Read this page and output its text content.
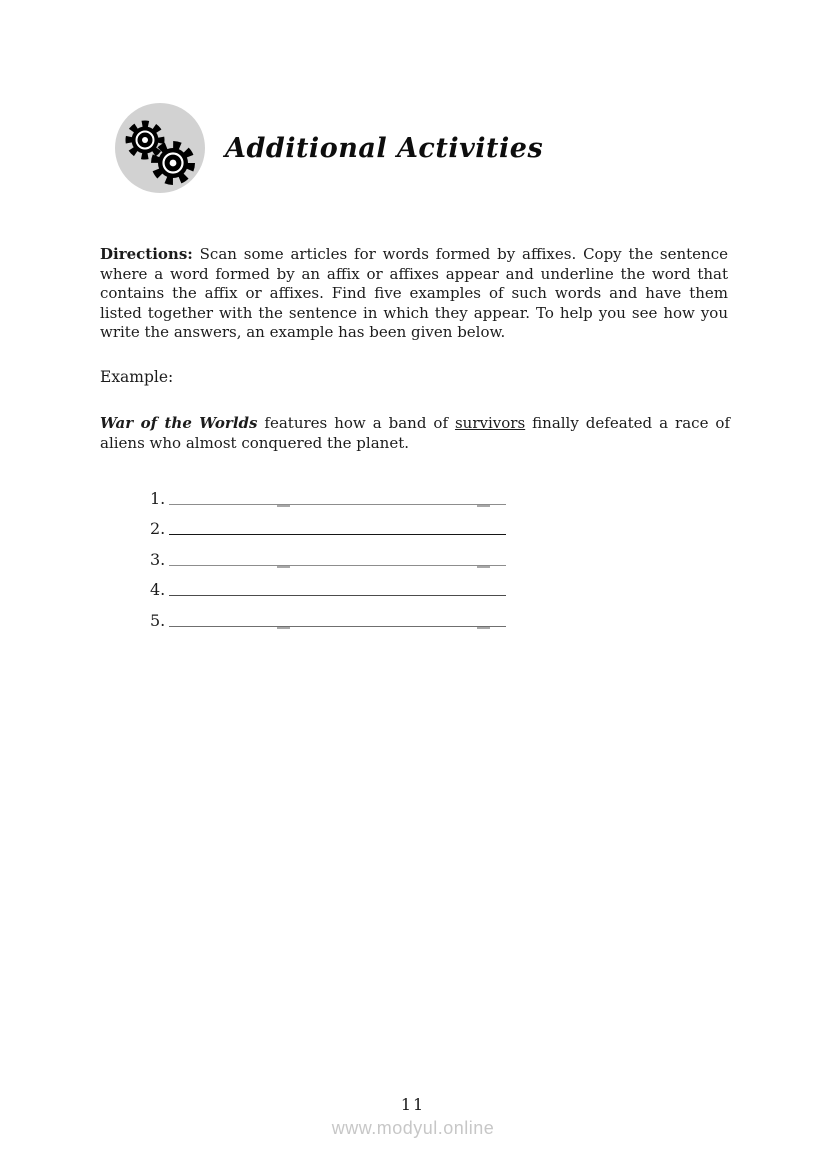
Additional Activities

Directions: Scan some articles for words formed by affixes. Copy the sentence where a word formed by an affix or affixes appear and underline the word that contains the affix or affixes. Find five examples of such words and have them listed together with the sentence in which they appear. To help you see how you write the answers, an example has been given below.

Example:

War of the Worlds features how a band of survivors finally defeated a race of aliens who almost conquered the planet.

1.
2.
3.
4.
5.
11
www.modyul.online
